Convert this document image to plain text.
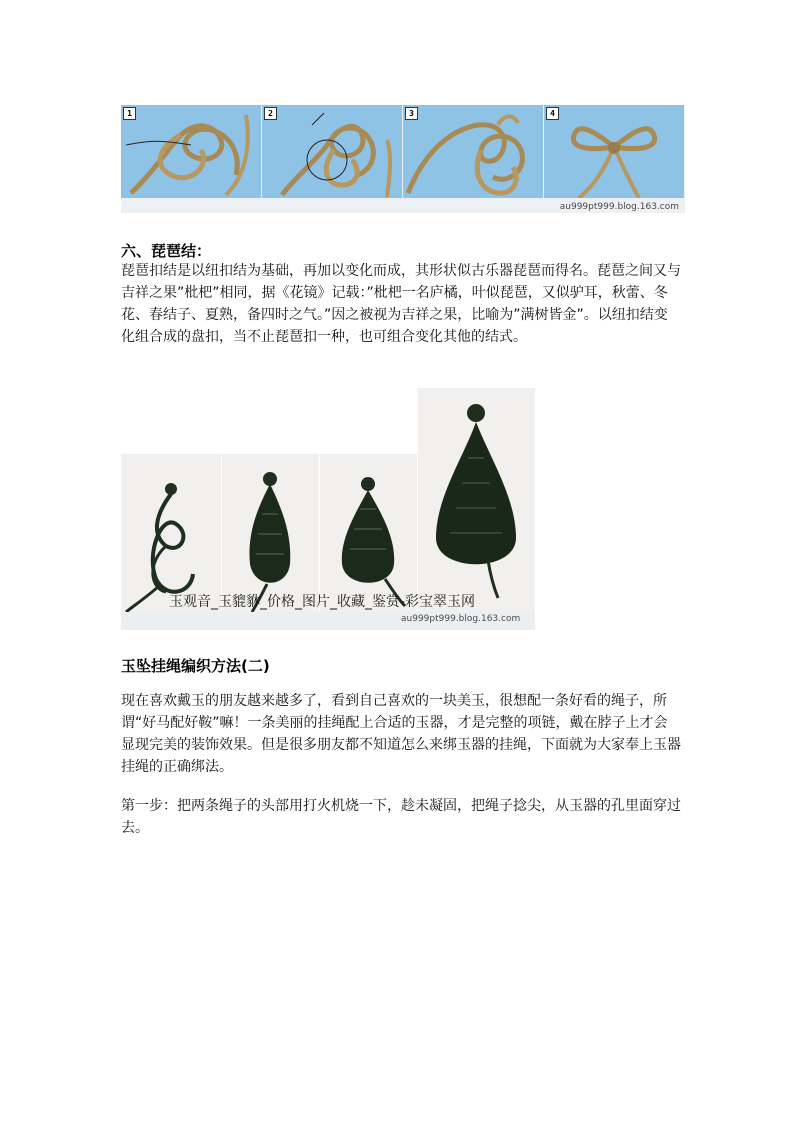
1	2	3	4
au999pt999.blog.163.com
六、琵琶结：
琵琶扣结是以纽扣结为基础，再加以变化而成，其形状似古乐器琵琶而得名。琵琶之间又与吉祥之果”枇杷”相同，据《花镜》记载：”枇杷一名庐橘，叶似琵琶，又似驴耳，秋蕾、冬花、春结子、夏熟，备四时之气。”因之被视为吉祥之果，比喻为”满树皆金”。以纽扣结变化组合成的盘扣，当不止琵琶扣一种，也可组合变化其他的结式。
玉观音_玉貔貅_价格_图片_收藏_鉴赏-彩宝翠玉网
au999pt999.blog.163.com
玉坠挂绳编织方法(二)
现在喜欢戴玉的朋友越来越多了，看到自己喜欢的一块美玉，很想配一条好看的绳子，所谓“好马配好鞍”嘛！一条美丽的挂绳配上合适的玉器，才是完整的项链，戴在脖子上才会显现完美的装饰效果。但是很多朋友都不知道怎么来绑玉器的挂绳，下面就为大家奉上玉器挂绳的正确绑法。
第一步：把两条绳子的头部用打火机烧一下，趁未凝固，把绳子捻尖，从玉器的孔里面穿过去。
